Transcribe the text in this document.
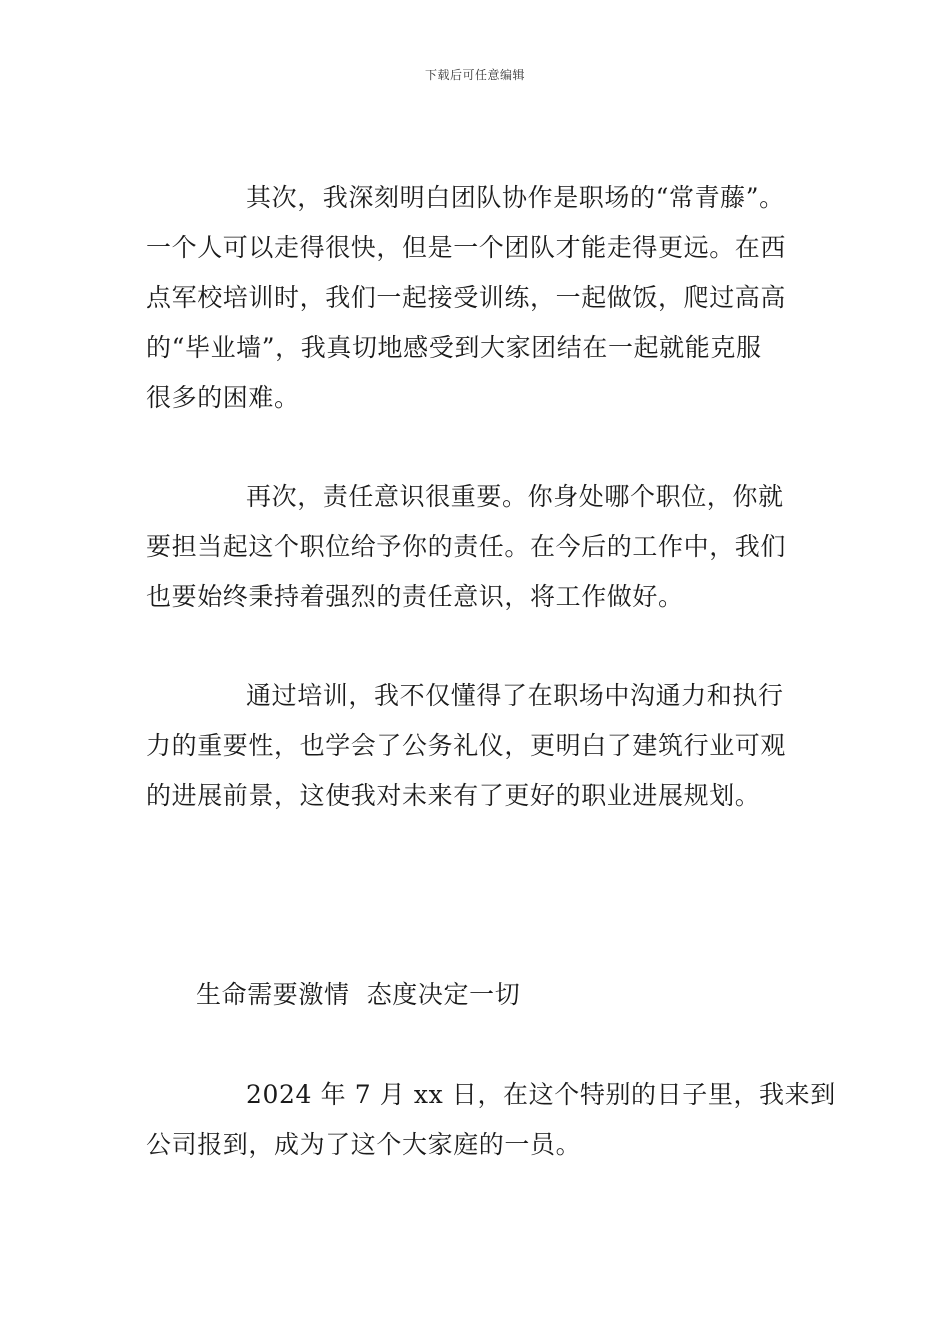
下载后可任意编辑
其次，我深刻明白团队协作是职场的“常青藤”。
一个人可以走得很快，但是一个团队才能走得更远。在西
点军校培训时，我们一起接受训练，一起做饭，爬过高高
的“毕业墙”，我真切地感受到大家团结在一起就能克服
很多的困难。
再次，责任意识很重要。你身处哪个职位，你就
要担当起这个职位给予你的责任。在今后的工作中，我们
也要始终秉持着强烈的责任意识，将工作做好。
通过培训，我不仅懂得了在职场中沟通力和执行
力的重要性，也学会了公务礼仪，更明白了建筑行业可观
的进展前景，这使我对未来有了更好的职业进展规划。
生命需要激情  态度决定一切
2024 年 7 月 xx 日，在这个特别的日子里，我来到
公司报到，成为了这个大家庭的一员。
